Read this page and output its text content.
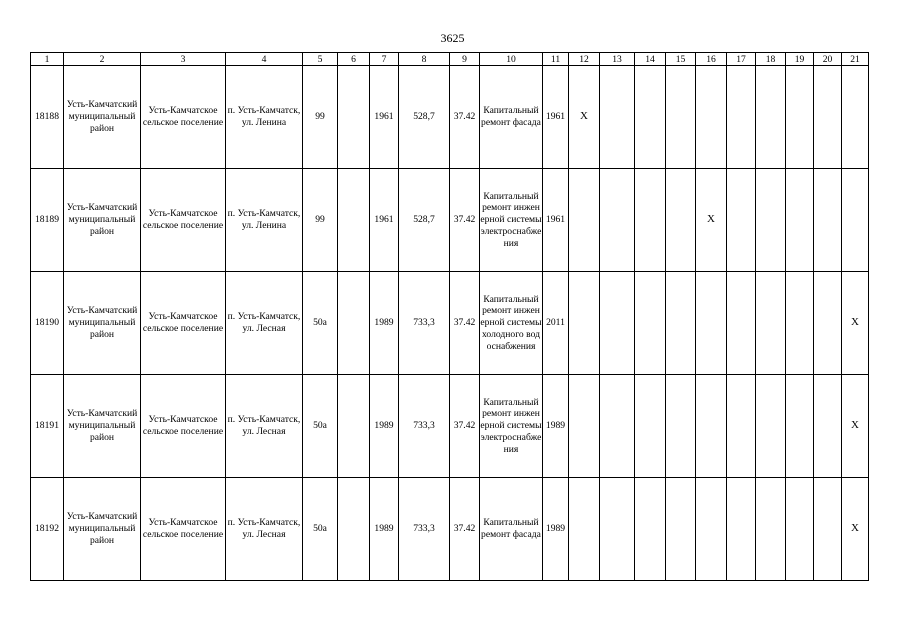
3625
1	2	3	4	5	6	7	8	9	10	11	12	13	14	15	16	17	18	19	20	21
18188	Усть-Камчатский муниципальный район	Усть-Камчатское сельское поселение	п. Усть-Камчатск, ул. Ленина	99		1961	528,7	37.42	Капитальный ремонт фасада	1961	X									
18189	Усть-Камчатский муниципальный район	Усть-Камчатское сельское поселение	п. Усть-Камчатск, ул. Ленина	99		1961	528,7	37.42	Капитальный ремонт инженерной системы электроснабжения	1961					X					
18190	Усть-Камчатский муниципальный район	Усть-Камчатское сельское поселение	п. Усть-Камчатск, ул. Лесная	50а		1989	733,3	37.42	Капитальный ремонт инженерной системы холодного водоснабжения	2011										X
18191	Усть-Камчатский муниципальный район	Усть-Камчатское сельское поселение	п. Усть-Камчатск, ул. Лесная	50а		1989	733,3	37.42	Капитальный ремонт инженерной системы электроснабжения	1989										X
18192	Усть-Камчатский муниципальный район	Усть-Камчатское сельское поселение	п. Усть-Камчатск, ул. Лесная	50а		1989	733,3	37.42	Капитальный ремонт фасада	1989										X
